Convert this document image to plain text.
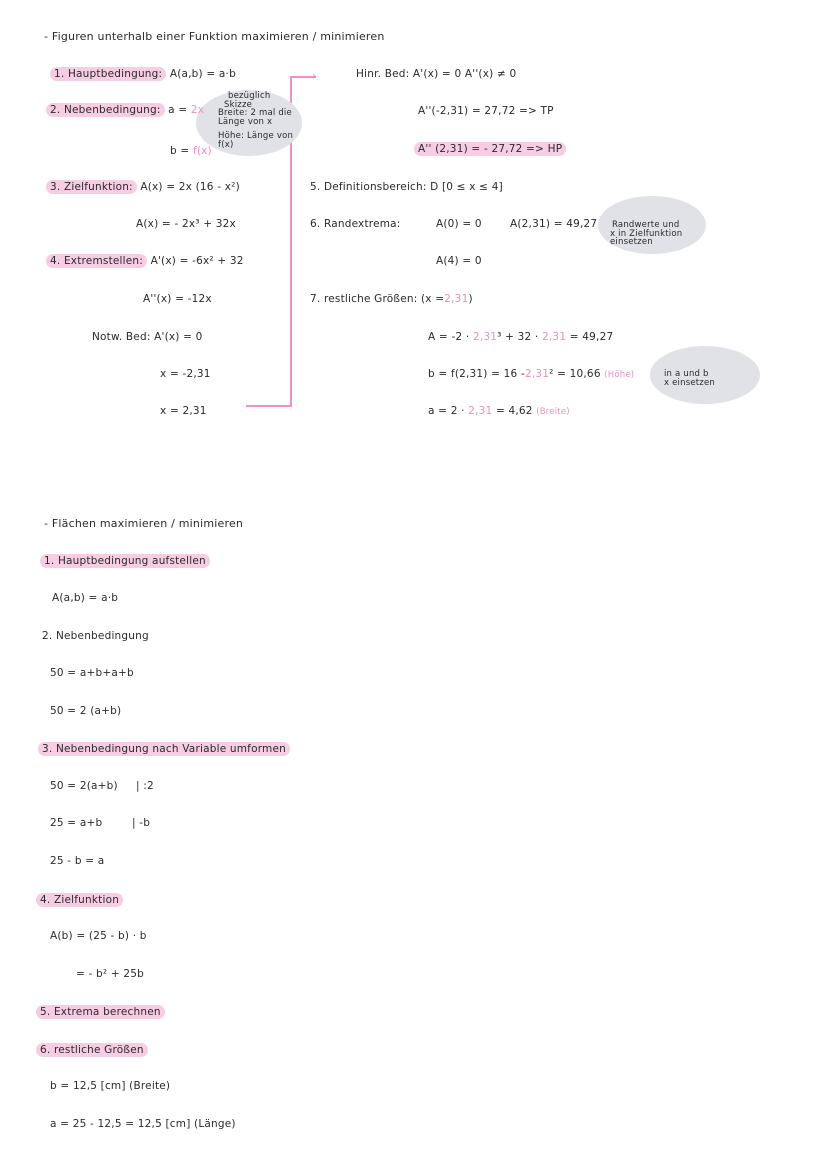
- Figuren unterhalb einer Funktion maximieren / minimieren
›
1. Hauptbedingung: A(a,b) = a·b
2. Nebenbedingung: a = 2x
bezüglich
Skizze
Breite: 2 mal die
Länge von x
Höhe: Länge von
f(x)
b = f(x)
3. Zielfunktion: A(x) = 2x (16 - x²)
A(x) = - 2x³ + 32x
4. Extremstellen: A'(x) = -6x² + 32
A''(x) = -12x
Notw. Bed: A'(x) = 0
x = -2,31
x = 2,31
Hinr. Bed: A'(x) = 0 A''(x) ≠ 0
A''(-2,31) = 27,72 => TP
A'' (2,31) = - 27,72 => HP
5. Definitionsbereich: D [0 ≤ x ≤ 4]
6. Randextrema:	A(0) = 0	A(2,31) = 49,27 Randwerte und
x in Zielfunktion
einsetzen
A(4) = 0
7. restliche Größen: (x =2,31)
A = -2 · 2,31³ + 32 · 2,31 = 49,27
b = f(2,31) = 16 -2,31² = 10,66 (Höhe)	in a und b
x einsetzen
a = 2 · 2,31 = 4,62 (Breite)
- Flächen maximieren / minimieren
1. Hauptbedingung aufstellen
A(a,b) = a·b
2. Nebenbedingung
50 = a+b+a+b
50 = 2 (a+b)
3. Nebenbedingung nach Variable umformen
50 = 2(a+b) | :2
25 = a+b	| -b
25 - b = a
4. Zielfunktion
A(b) = (25 - b) · b
= - b² + 25b
5. Extrema berechnen
6. restliche Größen
b = 12,5 [cm] (Breite)
a = 25 - 12,5 = 12,5 [cm] (Länge)
